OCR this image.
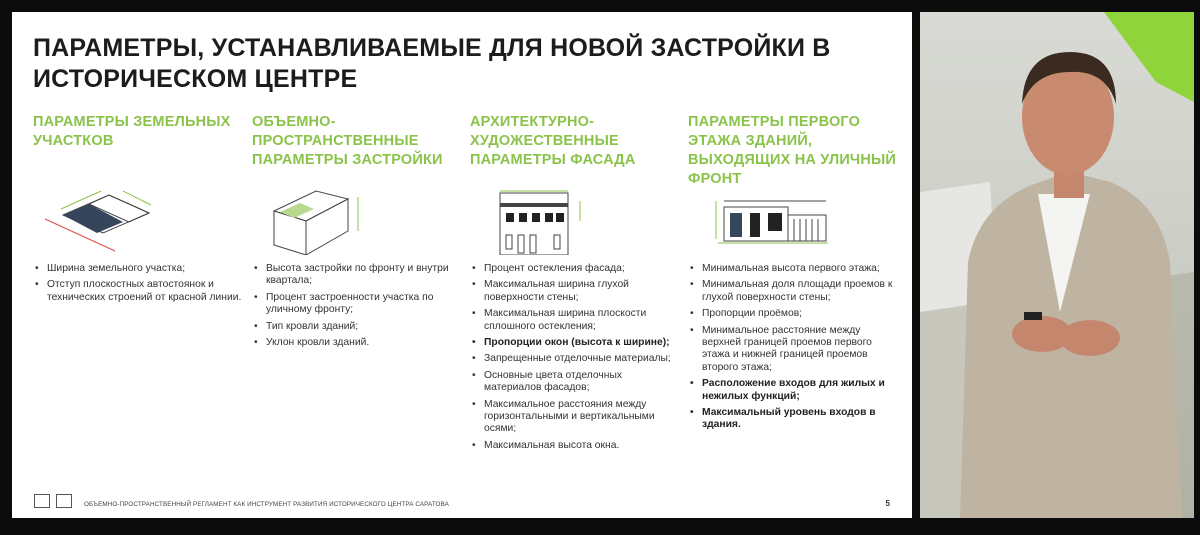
ПАРАМЕТРЫ, УСТАНАВЛИВАЕМЫЕ ДЛЯ НОВОЙ ЗАСТРОЙКИ В ИСТОРИЧЕСКОМ ЦЕНТРЕ
ПАРАМЕТРЫ ЗЕМЕЛЬНЫХ УЧАСТКОВ
• Ширина земельного участка;
• Отступ плоскостных автостоянок и технических строений от красной линии.
ОБЪЕМНО-ПРОСТРАНСТВЕННЫЕ ПАРАМЕТРЫ ЗАСТРОЙКИ
• Высота застройки по фронту и внутри квартала;
• Процент застроенности участка по уличному фронту;
• Тип кровли зданий;
• Уклон кровли зданий.
АРХИТЕКТУРНО-ХУДОЖЕСТВЕННЫЕ ПАРАМЕТРЫ ФАСАДА
• Процент остекления фасада;
• Максимальная ширина глухой поверхности стены;
• Максимальная ширина плоскости сплошного остекления;
• Пропорции окон (высота к ширине);
• Запрещенные отделочные материалы;
• Основные цвета отделочных материалов фасадов;
• Максимальное расстояния между горизонтальными и вертикальными осями;
• Максимальная высота окна.
ПАРАМЕТРЫ ПЕРВОГО ЭТАЖА ЗДАНИЙ, ВЫХОДЯЩИХ НА УЛИЧНЫЙ ФРОНТ
• Минимальная высота первого этажа;
• Минимальная доля площади проемов к глухой поверхности стены;
• Пропорции проёмов;
• Минимальное расстояние между верхней границей проемов первого этажа и нижней границей проемов второго этажа;
• Расположение входов для жилых и нежилых функций;
• Максимальный уровень входов в здания.
ОБЪЕМНО-ПРОСТРАНСТВЕННЫЙ РЕГЛАМЕНТ КАК ИНСТРУМЕНТ РАЗВИТИЯ ИСТОРИЧЕСКОГО ЦЕНТРА САРАТОВА	5
